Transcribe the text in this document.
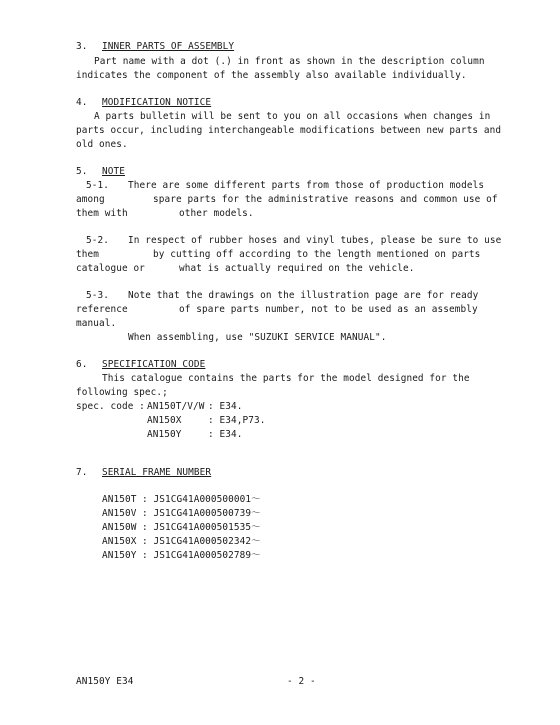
3. INNER PARTS OF ASSEMBLY
Part name with a dot (.) in front as shown in the description column
indicates the component of the assembly also available individually.
4. MODIFICATION NOTICE
A parts bulletin will be sent to you on all occasions when changes in
parts occur, including interchangeable modifications between new parts and
old ones.
5. NOTE
5-1. There are some different parts from those of production models
among	spare parts for the administrative reasons and common use of
them with	other models.
5-2. In respect of rubber hoses and vinyl tubes, please be sure to use
them	by cutting off according to the length mentioned on parts
catalogue or	what is actually required on the vehicle.
5-3. Note that the drawings on the illustration page are for ready
reference	of spare parts number, not to be used as an assembly
manual.
When assembling, use "SUZUKI SERVICE MANUAL".
6. SPECIFICATION CODE
This catalogue contains the parts for the model designed for the
following spec.;
spec. code : AN150T/V/W : E34.
AN150X	: E34,P73.
AN150Y	: E34.
7. SERIAL FRAME NUMBER
AN150T : JS1CG41A000500001～
AN150V : JS1CG41A000500739～
AN150W : JS1CG41A000501535～
AN150X : JS1CG41A000502342～
AN150Y : JS1CG41A000502789～
AN150Y E34	- 2 -
